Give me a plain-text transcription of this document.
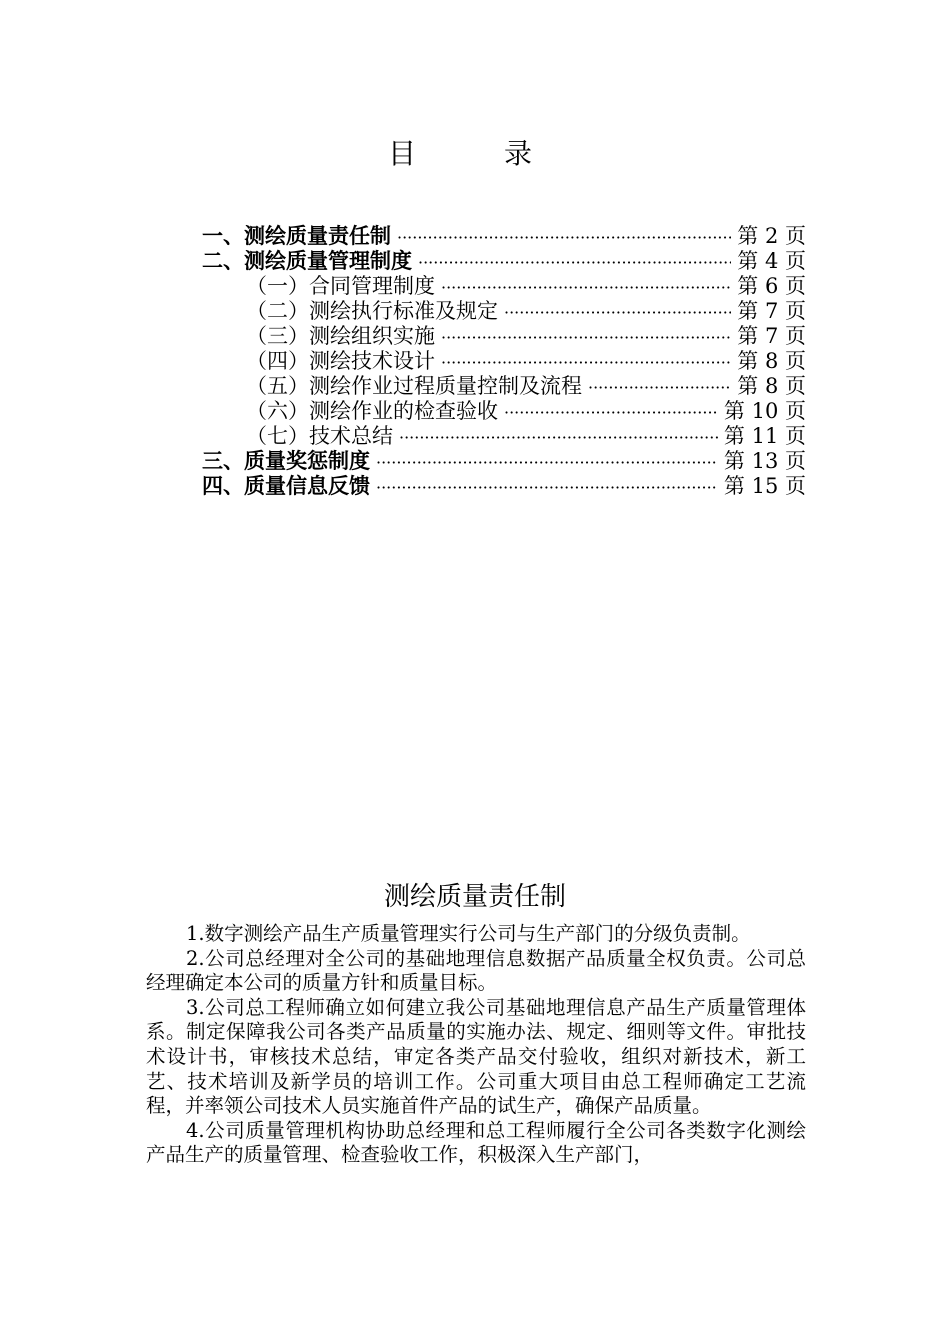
目　录
一、测绘质量责任制 ·····	第 2 页
二、测绘质量管理制度 ·····	第 4 页
（一）合同管理制度 ·····	第 6 页
（二）测绘执行标准及规定 ·····	第 7 页
（三）测绘组织实施 ·····	第 7 页
（四）测绘技术设计 ·····	第 8 页
（五）测绘作业过程质量控制及流程 ·····	第 8 页
（六）测绘作业的检查验收 ·····	第 10 页
（七）技术总结 ·····	第 11 页
三、质量奖惩制度 ·····	第 13 页
四、质量信息反馈 ·····	第 15 页
测绘质量责任制

1.数字测绘产品生产质量管理实行公司与生产部门的分级负责制。

2.公司总经理对全公司的基础地理信息数据产品质量全权负责。公司总经理确定本公司的质量方针和质量目标。

3.公司总工程师确立如何建立我公司基础地理信息产品生产质量管理体系。制定保障我公司各类产品质量的实施办法、规定、细则等文件。审批技术设计书，审核技术总结，审定各类产品交付验收，组织对新技术，新工艺、技术培训及新学员的培训工作。公司重大项目由总工程师确定工艺流程，并率领公司技术人员实施首件产品的试生产，确保产品质量。

4.公司质量管理机构协助总经理和总工程师履行全公司各类数字化测绘产品生产的质量管理、检查验收工作，积极深入生产部门，
